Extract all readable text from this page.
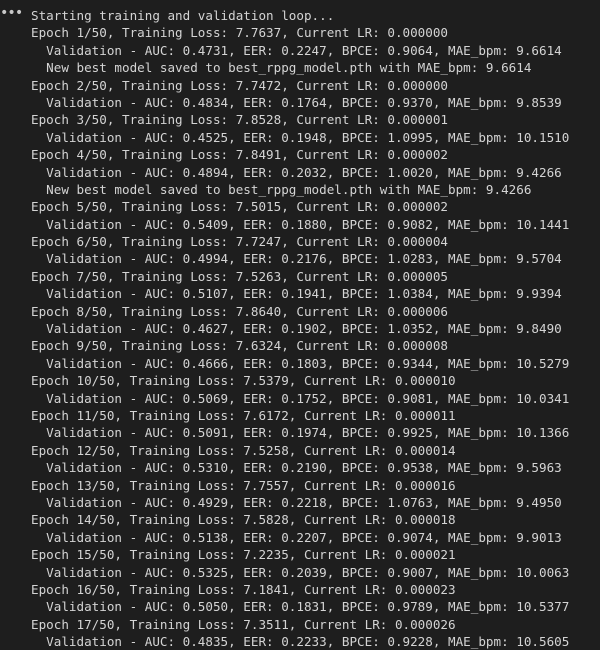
••• Starting training and validation loop...
Epoch 1/50, Training Loss: 7.7637, Current LR: 0.000000
Validation - AUC: 0.4731, EER: 0.2247, BPCE: 0.9064, MAE_bpm: 9.6614
New best model saved to best_rppg_model.pth with MAE_bpm: 9.6614
Epoch 2/50, Training Loss: 7.7472, Current LR: 0.000000
Validation - AUC: 0.4834, EER: 0.1764, BPCE: 0.9370, MAE_bpm: 9.8539
Epoch 3/50, Training Loss: 7.8528, Current LR: 0.000001
Validation - AUC: 0.4525, EER: 0.1948, BPCE: 1.0995, MAE_bpm: 10.1510
Epoch 4/50, Training Loss: 7.8491, Current LR: 0.000002
Validation - AUC: 0.4894, EER: 0.2032, BPCE: 1.0020, MAE_bpm: 9.4266
New best model saved to best_rppg_model.pth with MAE_bpm: 9.4266
Epoch 5/50, Training Loss: 7.5015, Current LR: 0.000002
Validation - AUC: 0.5409, EER: 0.1880, BPCE: 0.9082, MAE_bpm: 10.1441
Epoch 6/50, Training Loss: 7.7247, Current LR: 0.000004
Validation - AUC: 0.4994, EER: 0.2176, BPCE: 1.0283, MAE_bpm: 9.5704
Epoch 7/50, Training Loss: 7.5263, Current LR: 0.000005
Validation - AUC: 0.5107, EER: 0.1941, BPCE: 1.0384, MAE_bpm: 9.9394
Epoch 8/50, Training Loss: 7.8640, Current LR: 0.000006
Validation - AUC: 0.4627, EER: 0.1902, BPCE: 1.0352, MAE_bpm: 9.8490
Epoch 9/50, Training Loss: 7.6324, Current LR: 0.000008
Validation - AUC: 0.4666, EER: 0.1803, BPCE: 0.9344, MAE_bpm: 10.5279
Epoch 10/50, Training Loss: 7.5379, Current LR: 0.000010
Validation - AUC: 0.5069, EER: 0.1752, BPCE: 0.9081, MAE_bpm: 10.0341
Epoch 11/50, Training Loss: 7.6172, Current LR: 0.000011
Validation - AUC: 0.5091, EER: 0.1974, BPCE: 0.9925, MAE_bpm: 10.1366
Epoch 12/50, Training Loss: 7.5258, Current LR: 0.000014
Validation - AUC: 0.5310, EER: 0.2190, BPCE: 0.9538, MAE_bpm: 9.5963
Epoch 13/50, Training Loss: 7.7557, Current LR: 0.000016
Validation - AUC: 0.4929, EER: 0.2218, BPCE: 1.0763, MAE_bpm: 9.4950
Epoch 14/50, Training Loss: 7.5828, Current LR: 0.000018
Validation - AUC: 0.5138, EER: 0.2207, BPCE: 0.9074, MAE_bpm: 9.9013
Epoch 15/50, Training Loss: 7.2235, Current LR: 0.000021
Validation - AUC: 0.5325, EER: 0.2039, BPCE: 0.9007, MAE_bpm: 10.0063
Epoch 16/50, Training Loss: 7.1841, Current LR: 0.000023
Validation - AUC: 0.5050, EER: 0.1831, BPCE: 0.9789, MAE_bpm: 10.5377
Epoch 17/50, Training Loss: 7.3511, Current LR: 0.000026
Validation - AUC: 0.4835, EER: 0.2233, BPCE: 0.9228, MAE_bpm: 10.5605
